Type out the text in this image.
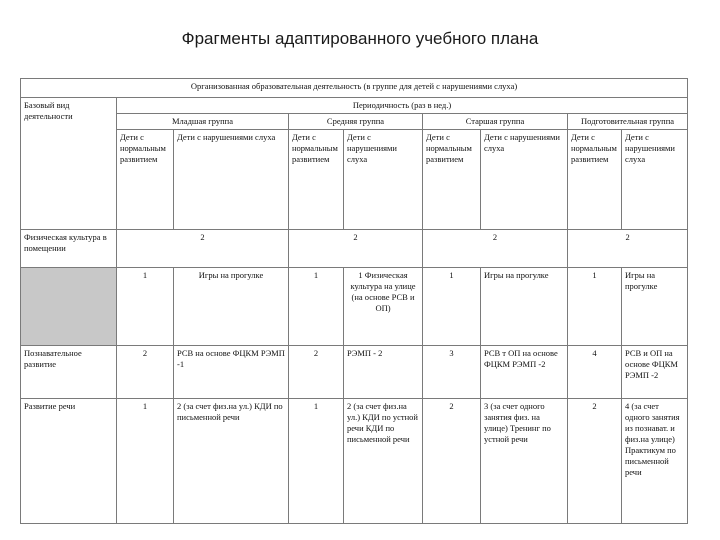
Фрагменты адаптированного учебного плана
Организованная образовательная деятельность (в группе для детей с нарушениями слуха)								
Базовый вид деятельности	Периодичность (раз в нед.)							
	Младшая группа		Средняя группа		Старшая группа		Подготовительная группа	
	Дети с нормальным развитием	Дети с нарушениями слуха	Дети с нормальным развитием	Дети с нарушениями слуха	Дети с нормальным развитием	Дети с нарушениями слуха	Дети с нормальным развитием	Дети с нарушениями слуха
Физическая культура в помещении	2		2		2		2	
	1	Игры на прогулке	1	1 Физическая культура на улице (на основе РСВ и ОП)	1	Игры на прогулке	1	Игры на прогулке
Познавательное развитие	2	РСВ на основе ФЦКМ РЭМП -1	2	РЭМП - 2	3	РСВ т ОП на основе ФЦКМ РЭМП -2	4	РСВ и ОП на основе ФЦКМ РЭМП -2
Развитие речи	1	2 (за счет физ.на ул.) КДИ по письменной речи	1	2 (за счет физ.на ул.) КДИ по устной речи КДИ по письменной речи	2	3 (за счет одного занятия физ. на улице) Тренинг по устной речи	2	4 (за счет одного занятия из познават. и физ.на улице) Практикум по письменной речи
